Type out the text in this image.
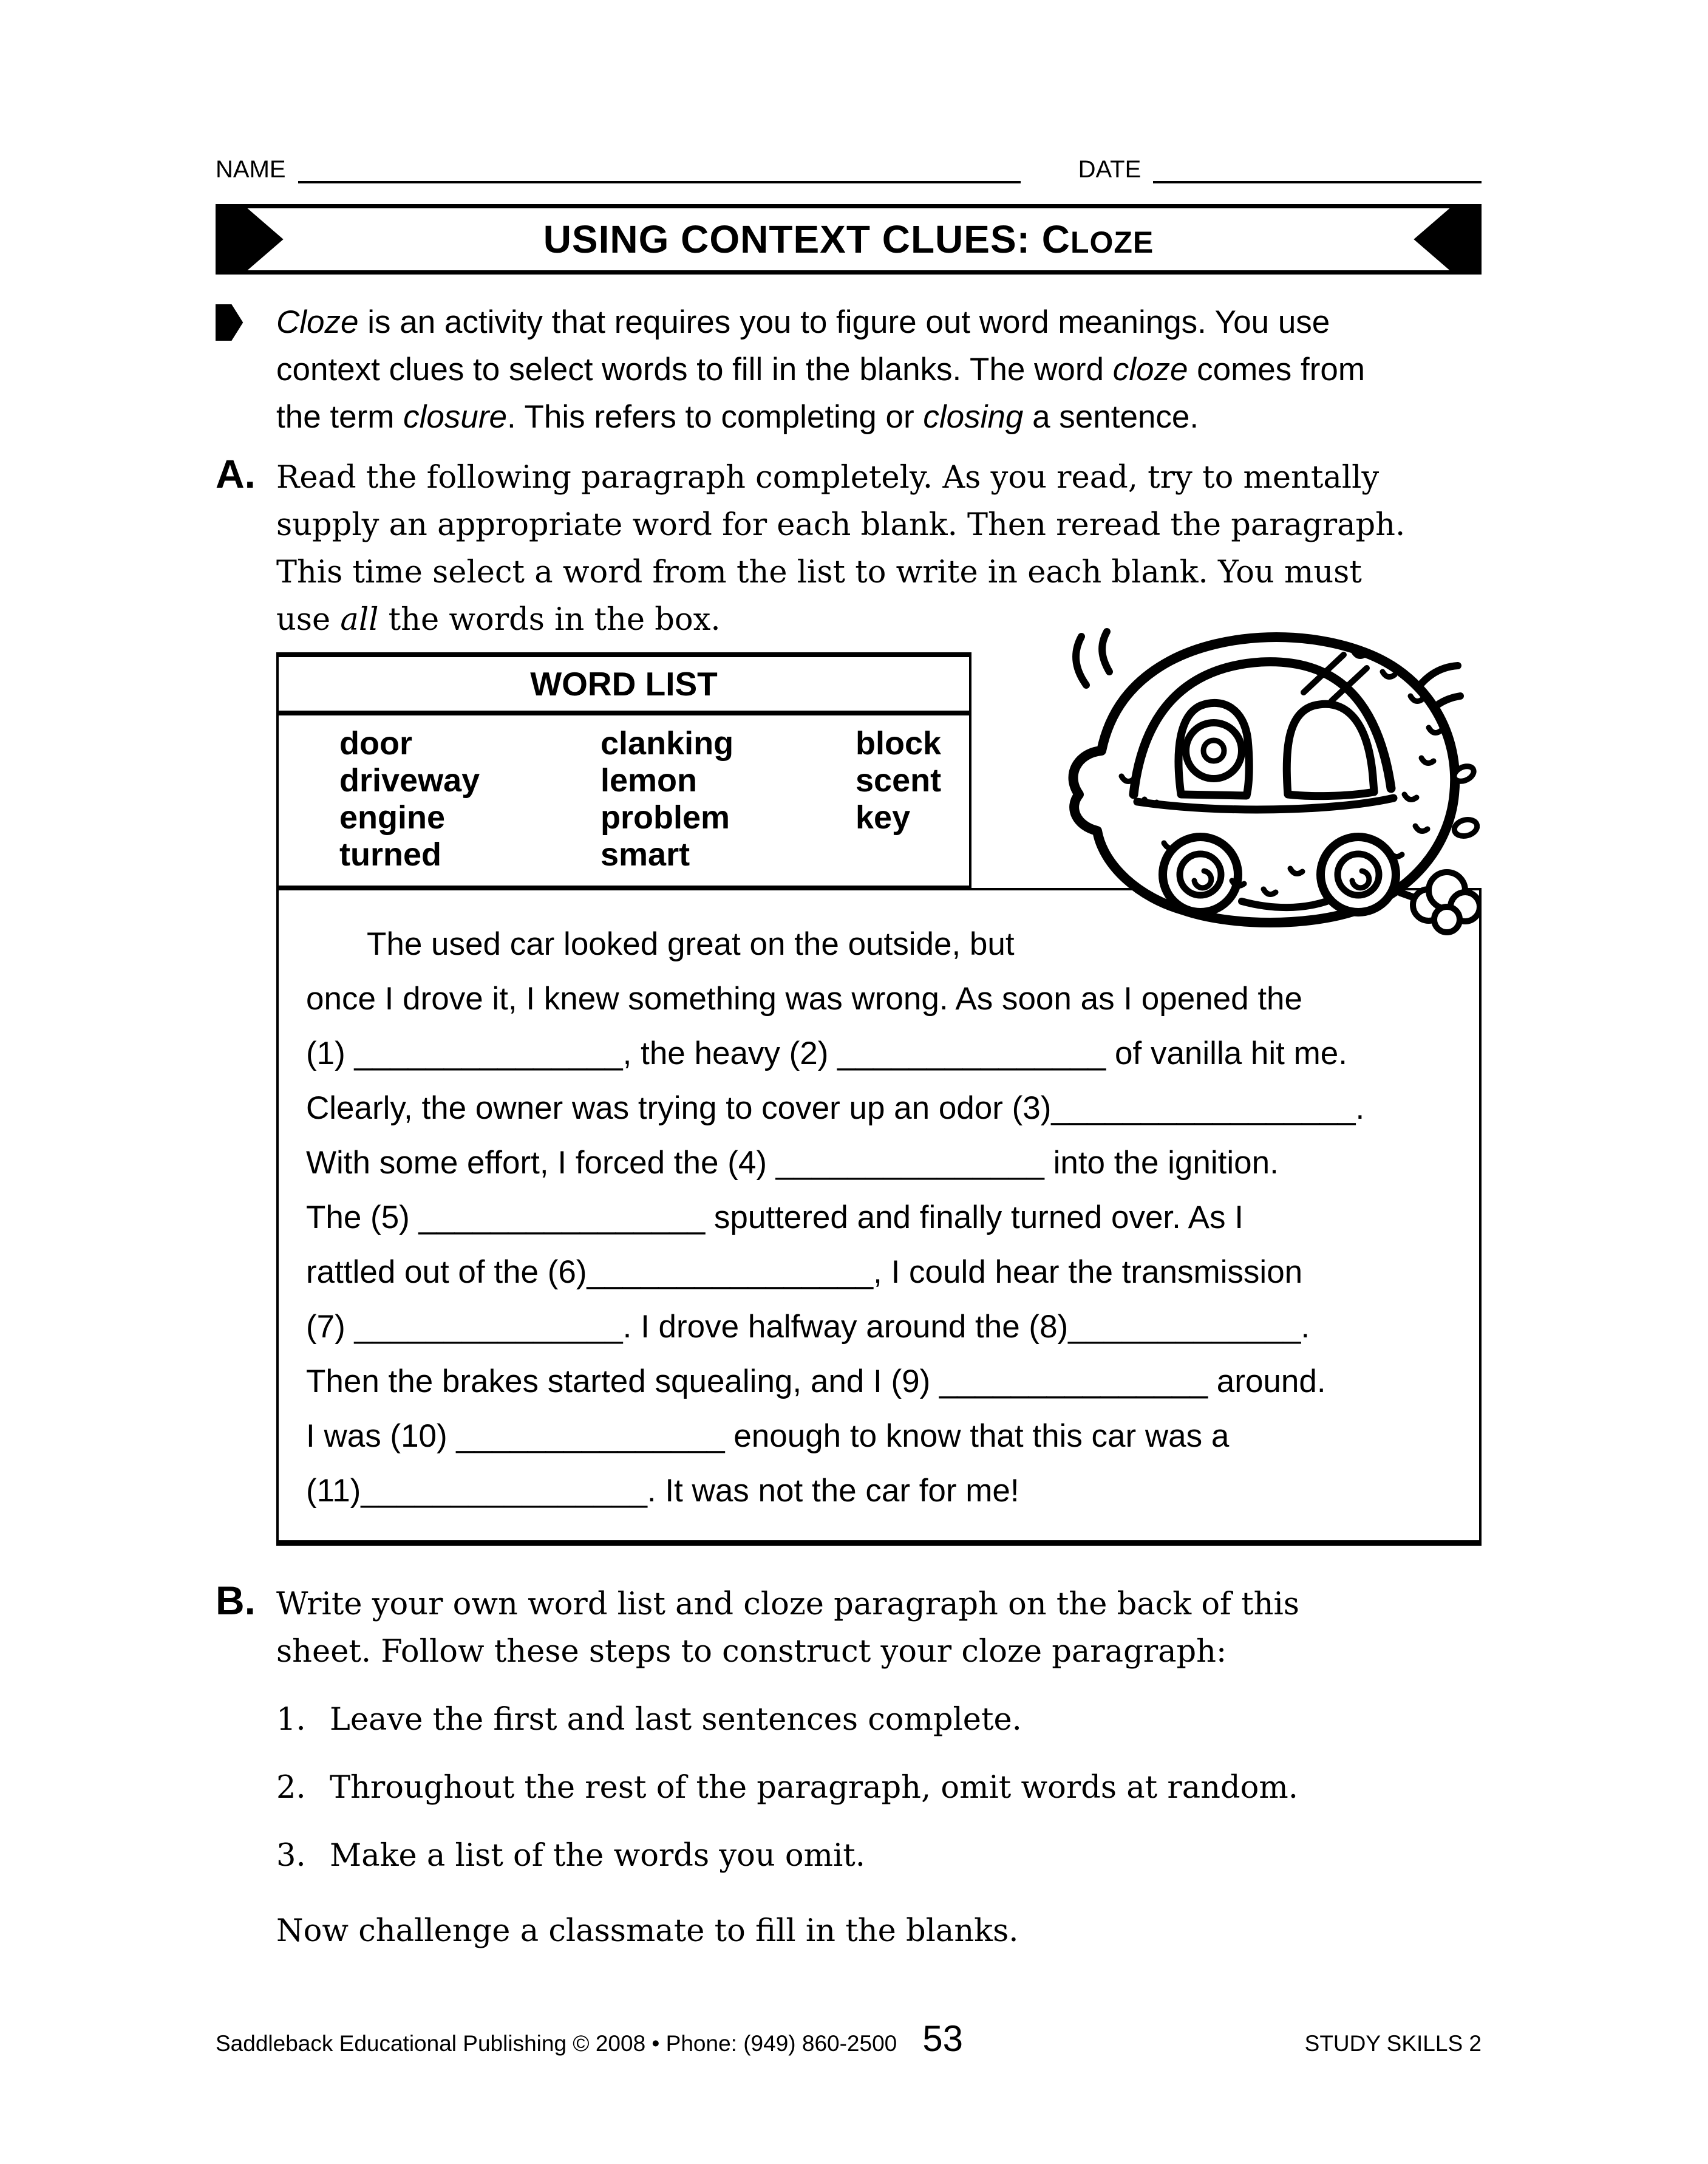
NAME	DATE
USING CONTEXT CLUES: CLOZE
Cloze is an activity that requires you to figure out word meanings. You use
context clues to select words to fill in the blanks. The word cloze comes from
the term closure. This refers to completing or closing a sentence.
A. Read the following paragraph completely. As you read, try to mentally
supply an appropriate word for each blank. Then reread the paragraph.
This time select a word from the list to write in each blank. You must
use all the words in the box.
WORD LIST
door
driveway
engine
turned
clanking
lemon
problem
smart
block
scent
key
The used car looked great on the outside, but
once I drove it, I knew something was wrong. As soon as I opened the
(1) _______________, the heavy (2) _______________ of vanilla hit me.
Clearly, the owner was trying to cover up an odor (3)_________________.
With some effort, I forced the (4) _______________ into the ignition.
The (5) ________________ sputtered and finally turned over. As I
rattled out of the (6)________________, I could hear the transmission
(7) _______________. I drove halfway around the (8)_____________.
Then the brakes started squealing, and I (9) _______________ around.
I was (10) _______________ enough to know that this car was a
(11)________________. It was not the car for me!
B. Write your own word list and cloze paragraph on the back of this
sheet. Follow these steps to construct your cloze paragraph:
1. Leave the first and last sentences complete.
2. Throughout the rest of the paragraph, omit words at random.
3. Make a list of the words you omit.
Now challenge a classmate to fill in the blanks.
Saddleback Educational Publishing © 2008 • Phone: (949) 860-2500 53	STUDY SKILLS 2
